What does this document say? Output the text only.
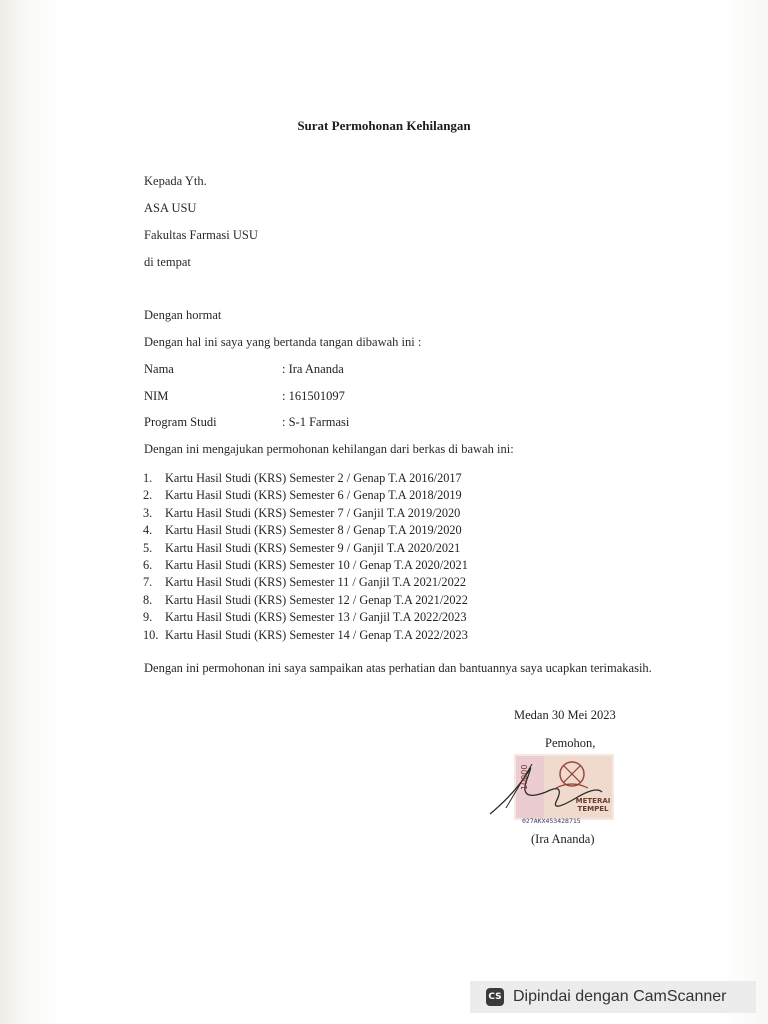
Surat Permohonan Kehilangan
Kepada Yth.
ASA USU
Fakultas Farmasi USU
di tempat
Dengan hormat
Dengan hal ini saya yang bertanda tangan dibawah ini :
Nama	: Ira Ananda
NIM	: 161501097
Program Studi	: S-1 Farmasi
Dengan ini mengajukan permohonan kehilangan dari berkas di bawah ini:
1. Kartu Hasil Studi (KRS) Semester 2 / Genap T.A 2016/2017
2. Kartu Hasil Studi (KRS) Semester 6 / Genap T.A 2018/2019
3. Kartu Hasil Studi (KRS) Semester 7 / Ganjil T.A 2019/2020
4. Kartu Hasil Studi (KRS) Semester 8 / Genap T.A 2019/2020
5. Kartu Hasil Studi (KRS) Semester 9 / Ganjil T.A 2020/2021
6. Kartu Hasil Studi (KRS) Semester 10 / Genap T.A 2020/2021
7. Kartu Hasil Studi (KRS) Semester 11 / Ganjil T.A 2021/2022
8. Kartu Hasil Studi (KRS) Semester 12 / Genap T.A 2021/2022
9. Kartu Hasil Studi (KRS) Semester 13 / Ganjil T.A 2022/2023
10. Kartu Hasil Studi (KRS) Semester 14 / Genap T.A 2022/2023
Dengan ini permohonan ini saya sampaikan atas perhatian dan bantuannya saya ucapkan terimakasih.
Medan 30 Mei 2023
Pemohon,
10000
METERAI TEMPEL
027AKX453428715
(Ira Ananda)
CS Dipindai dengan CamScanner
